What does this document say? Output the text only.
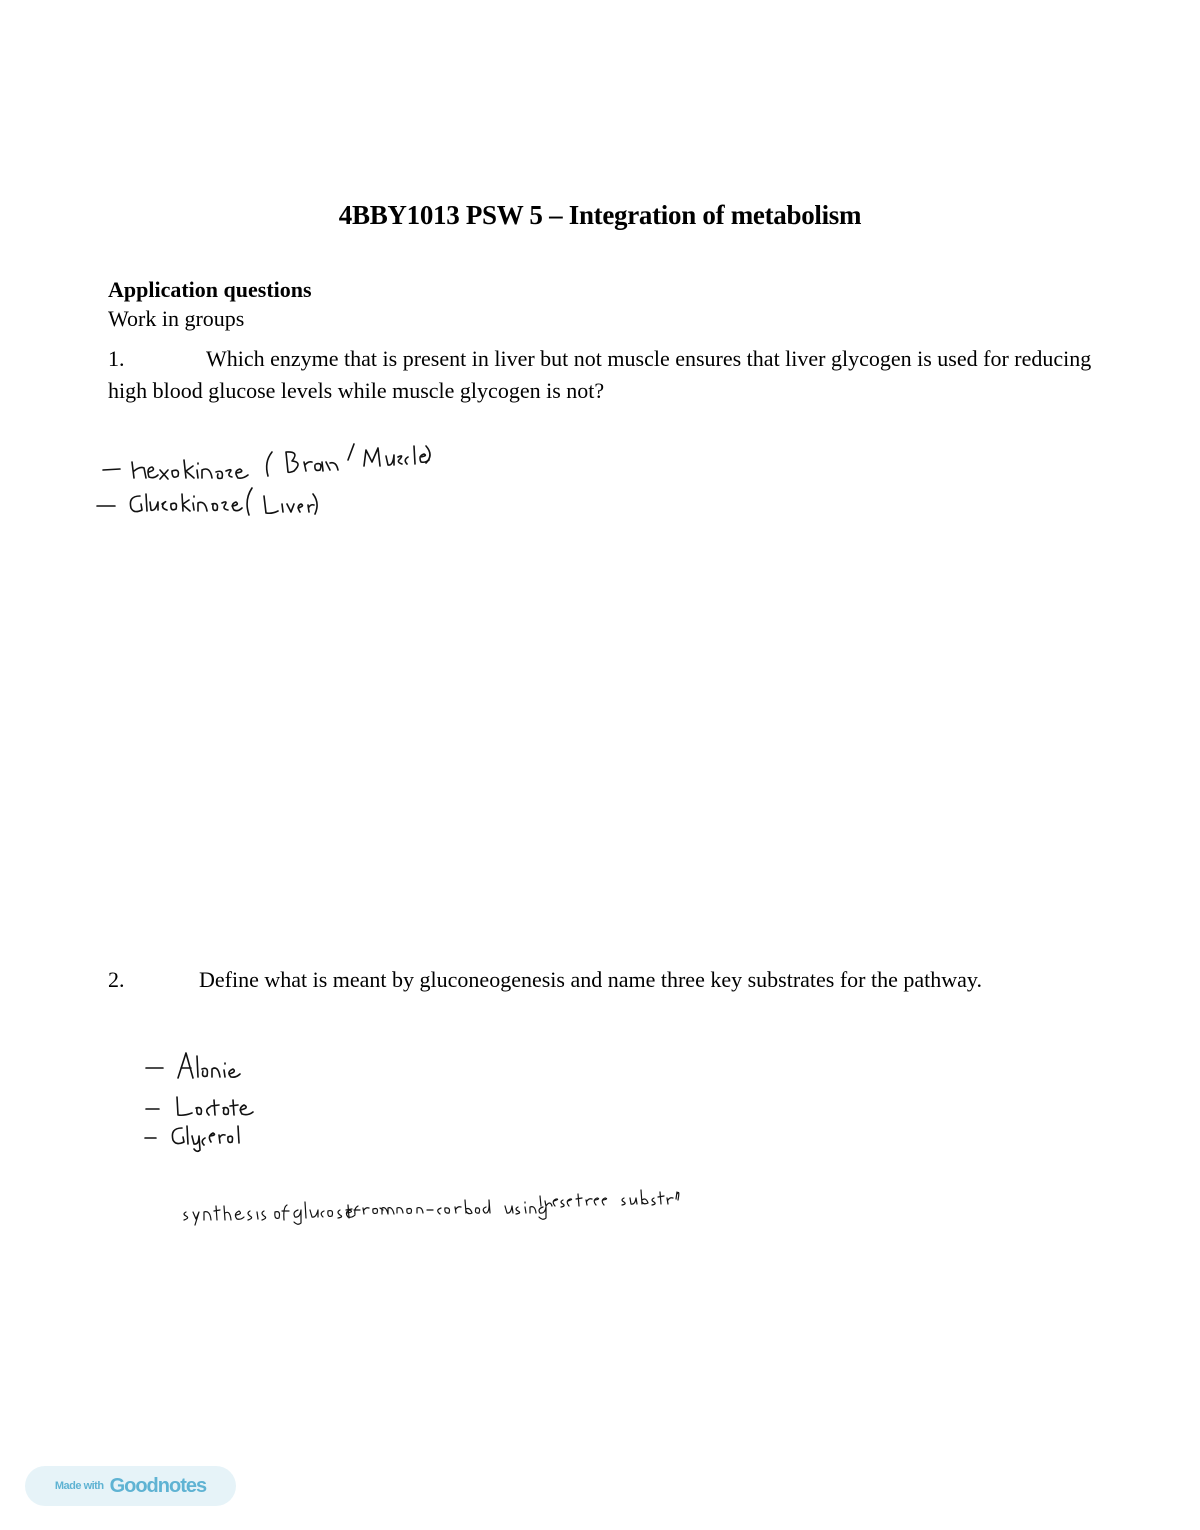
4BBY1013 PSW 5 – Integration of metabolism
Application questions
Work in groups
1.	Which enzyme that is present in liver but not muscle ensures that liver glycogen is used for reducing high blood glucose levels while muscle glycogen is not?
2.	Define what is meant by gluconeogenesis and name three key substrates for the pathway.
Made with Goodnotes
